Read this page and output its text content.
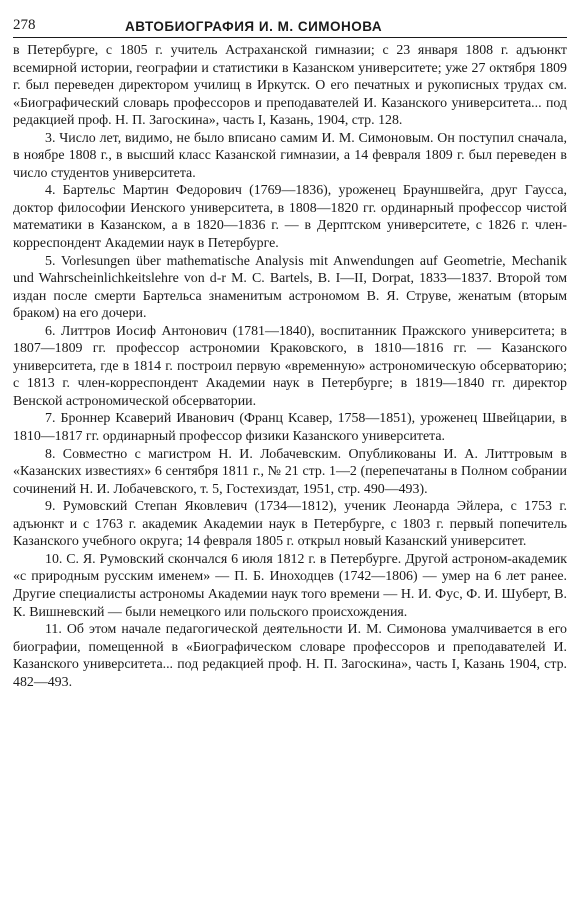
278	АВТОБИОГРАФИЯ И. М. СИМОНОВА

в Петербурге, с 1805 г. учитель Астраханской гимназии; с 23 января 1808 г. адъюнкт всемирной истории, географии и статистики в Казанском университете; уже 27 октября 1809 г. был переведен директором училищ в Иркутск. О его печатных и рукописных трудах см. «Биографический словарь профессоров и преподавателей И. Казанского университета... под редакцией проф. Н. П. Загоскина», часть I, Казань, 1904, стр. 128.

3. Число лет, видимо, не было вписано самим И. М. Симоновым. Он поступил сначала, в ноябре 1808 г., в высший класс Казанской гимназии, а 14 февраля 1809 г. был переведен в число студентов университета.

4. Бартельс Мартин Федорович (1769—1836), уроженец Брауншвейга, друг Гаусса, доктор философии Иенского университета, в 1808—1820 гг. ординарный профессор чистой математики в Казанском, а в 1820—1836 г. — в Дерптском университете, с 1826 г. член-корреспондент Академии наук в Петербурге.

5. Vorlesungen über mathematische Analysis mit Anwendungen auf Geometrie, Mechanik und Wahrscheinlichkeitslehre von d-r M. C. Bartels, B. I—II, Dorpat, 1833—1837. Второй том издан после смерти Бартельса знаменитым астрономом В. Я. Струве, женатым (вторым браком) на его дочери.

6. Литтров Иосиф Антонович (1781—1840), воспитанник Пражского университета; в 1807—1809 гг. профессор астрономии Краковского, в 1810—1816 гг. — Казанского университета, где в 1814 г. построил первую «временную» астрономическую обсерваторию; с 1813 г. член-корреспондент Академии наук в Петербурге; в 1819—1840 гг. директор Венской астрономической обсерватории.

7. Броннер Ксаверий Иванович (Франц Ксавер, 1758—1851), уроженец Швейцарии, в 1810—1817 гг. ординарный профессор физики Казанского университета.

8. Совместно с магистром Н. И. Лобачевским. Опубликованы И. А. Литтровым в «Казанских известиях» 6 сентября 1811 г., № 21 стр. 1—2 (перепечатаны в Полном собрании сочинений Н. И. Лобачевского, т. 5, Гостехиздат, 1951, стр. 490—493).

9. Румовский Степан Яковлевич (1734—1812), ученик Леонарда Эйлера, с 1753 г. адъюнкт и с 1763 г. академик Академии наук в Петербурге, с 1803 г. первый попечитель Казанского учебного округа; 14 февраля 1805 г. открыл новый Казанский университет.

10. С. Я. Румовский скончался 6 июля 1812 г. в Петербурге. Другой астроном-академик «с природным русским именем» — П. Б. Иноходцев (1742—1806) — умер на 6 лет ранее. Другие специалисты астрономы Академии наук того времени — Н. И. Фус, Ф. И. Шуберт, В. К. Вишневский — были немецкого или польского происхождения.

11. Об этом начале педагогической деятельности И. М. Симонова умалчивается в его биографии, помещенной в «Биографическом словаре профессоров и преподавателей И. Казанского университета... под редакцией проф. Н. П. Загоскина», часть I, Казань 1904, стр. 482—493.
